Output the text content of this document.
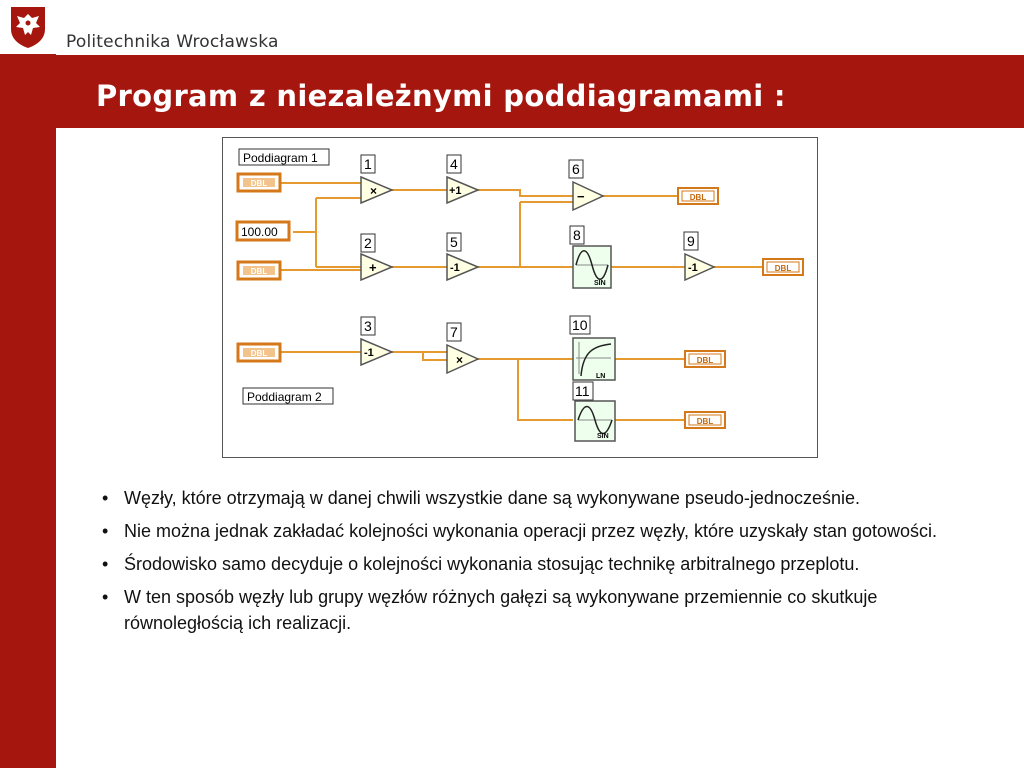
Politechnika Wrocławska
Program z niezależnymi poddiagramami :
Poddiagram 1
Poddiagram 2
DBL
100.00
DBL
DBL
DBL
DBL
DBL
DBL
1
2
3
4
5
6
7
8	9
10
11
×
+
-1
+1
-1
−
×
-1
SIN
LN
SIN
• Węzły, które otrzymają w danej chwili wszystkie dane są wykonywane pseudo-jednocześnie.
• Nie można jednak zakładać kolejności wykonania operacji przez węzły, które uzyskały stan gotowości.
• Środowisko samo decyduje o kolejności wykonania stosując technikę arbitralnego przeplotu.
• W ten sposób węzły lub grupy węzłów różnych gałęzi są wykonywane przemiennie co skutkuje równoległością ich realizacji.
